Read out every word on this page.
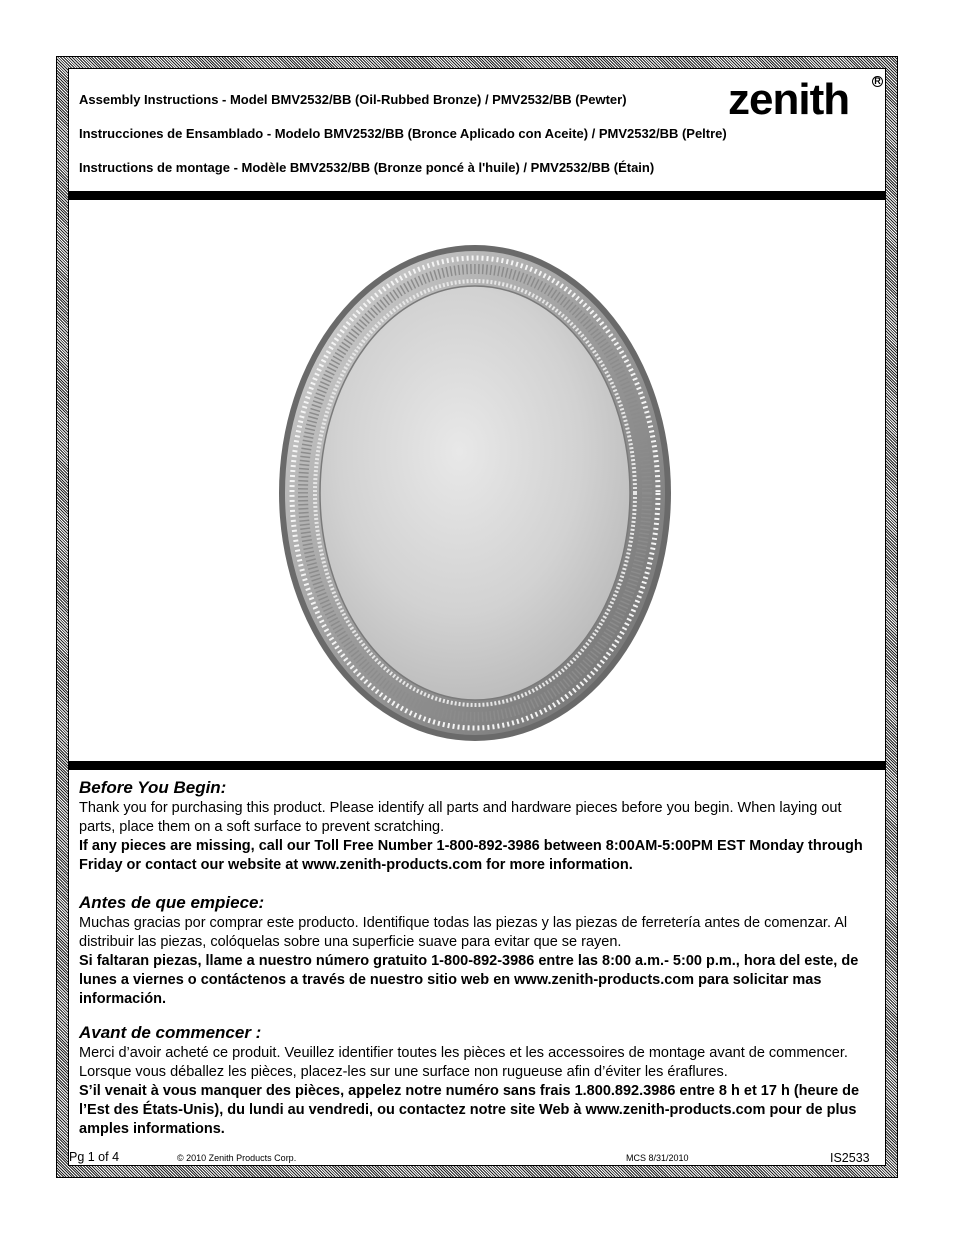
Assembly Instructions - Model BMV2532/BB (Oil-Rubbed Bronze) / PMV2532/BB (Pewter)
Instrucciones de Ensamblado - Modelo BMV2532/BB (Bronce Aplicado con Aceite) / PMV2532/BB (Peltre)
Instructions de montage - Modèle BMV2532/BB (Bronze poncé à l'huile) / PMV2532/BB (Étain)
zenith	R
Before You Begin:

Thank you for purchasing this product. Please identify all parts and hardware pieces before you begin. When laying out parts, place them on a soft surface to prevent scratching.

If any pieces are missing, call our Toll Free Number 1-800-892-3986 between 8:00AM-5:00PM EST Monday through Friday or contact our website at www.zenith-products.com for more information.

Antes de que empiece:

Muchas gracias por comprar este producto. Identifique todas las piezas y las piezas de ferretería antes de comenzar. Al distribuir las piezas, colóquelas sobre una superficie suave para evitar que se rayen.

Si faltaran piezas, llame a nuestro número gratuito 1-800-892-3986 entre las 8:00 a.m.- 5:00 p.m., hora del este, de lunes a viernes o contáctenos a través de nuestro sitio web en www.zenith-products.com para solicitar mas información.

Avant de commencer :

Merci d’avoir acheté ce produit. Veuillez identifier toutes les pièces et les accessoires de montage avant de commencer. Lorsque vous déballez les pièces, placez-les sur une surface non rugueuse afin d’éviter les éraflures.

S’il venait à vous manquer des pièces, appelez notre numéro sans frais 1.800.892.3986 entre 8 h et 17 h (heure de l’Est des États-Unis), du lundi au vendredi, ou contactez notre site Web à www.zenith-products.com pour de plus amples informations.

Pg 1 of 4	© 2010 Zenith Products Corp.	MCS 8/31/2010	IS2533
